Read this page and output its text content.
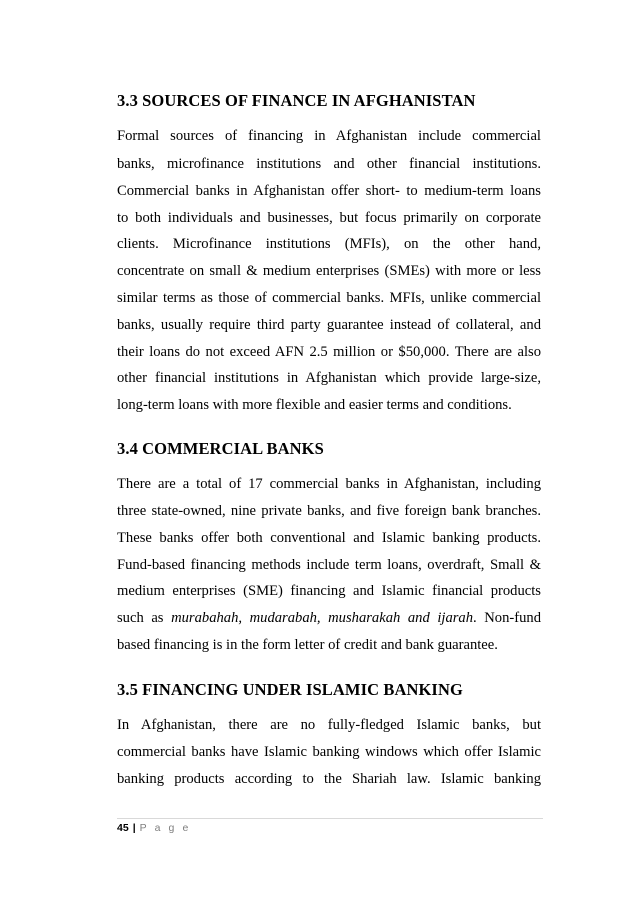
3.3 SOURCES OF FINANCE IN AFGHANISTAN
Formal sources of financing in Afghanistan include commercial
banks, microfinance institutions and other financial institutions.
Commercial banks in Afghanistan offer short- to medium-term loans
to both individuals and businesses, but focus primarily on corporate
clients. Microfinance institutions (MFIs), on the other hand,
concentrate on small & medium enterprises (SMEs) with more or less
similar terms as those of commercial banks. MFIs, unlike commercial
banks, usually require third party guarantee instead of collateral, and
their loans do not exceed AFN 2.5 million or $50,000. There are also
other financial institutions in Afghanistan which provide large-size,
long-term loans with more flexible and easier terms and conditions.
3.4 COMMERCIAL BANKS
There are a total of 17 commercial banks in Afghanistan, including
three state-owned, nine private banks, and five foreign bank branches.
These banks offer both conventional and Islamic banking products.
Fund-based financing methods include term loans, overdraft, Small &
medium enterprises (SME) financing and Islamic financial products
such as murabahah, mudarabah, musharakah and ijarah. Non-fund
based financing is in the form letter of credit and bank guarantee.
3.5 FINANCING UNDER ISLAMIC BANKING
In Afghanistan, there are no fully-fledged Islamic banks, but
commercial banks have Islamic banking windows which offer Islamic
banking products according to the Shariah law. Islamic banking
45 | P a g e
